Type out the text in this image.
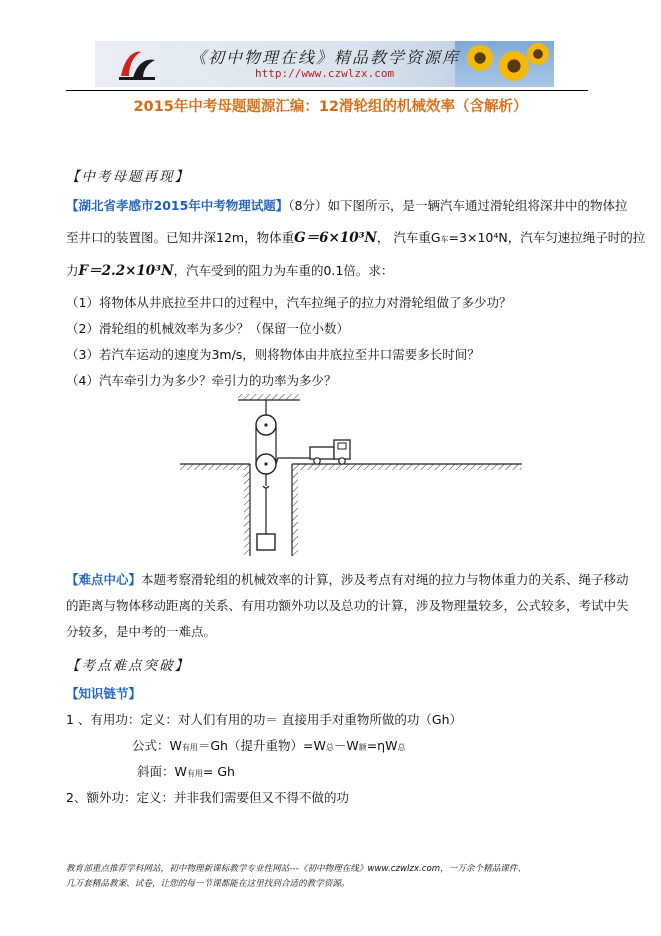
《初中物理在线》精品教学资源库
http://www.czwlzx.com
2015年中考母题题源汇编：12滑轮组的机械效率（含解析）
【中考母题再现】
【湖北省孝感市2015年中考物理试题】（8分）如下图所示，是一辆汽车通过滑轮组将深井中的物体拉
至井口的装置图。已知井深12m，物体重G＝6×10³N， 汽车重G车=3×10⁴N，汽车匀速拉绳子时的拉
力F＝2.2×10³N，汽车受到的阻力为车重的0.1倍。求：
（1）将物体从井底拉至井口的过程中，汽车拉绳子的拉力对滑轮组做了多少功？
（2）滑轮组的机械效率为多少？（保留一位小数）
（3）若汽车运动的速度为3m/s，则将物体由井底拉至井口需要多长时间？
（4）汽车牵引力为多少？牵引力的功率为多少？
【难点中心】本题考察滑轮组的机械效率的计算，涉及考点有对绳的拉力与物体重力的关系、绳子移动
的距离与物体移动距离的关系、有用功额外功以及总功的计算，涉及物理量较多，公式较多，考试中失
分较多，是中考的一难点。
【考点难点突破】
【知识链节】
1 、有用功：定义：对人们有用的功＝ 直接用手对重物所做的功（Gh）
公式：W有用＝Gh（提升重物）=W总－W额=ηW总
斜面：W有用= Gh
2、额外功：定义：并非我们需要但又不得不做的功
教育部重点推荐学科网站，初中物理新课标教学专业性网站---《初中物理在线》www.czwlzx.com，一万余个精品课件、
几万套精品教案、试卷，让您的每一节课都能在这里找到合适的教学资源。
